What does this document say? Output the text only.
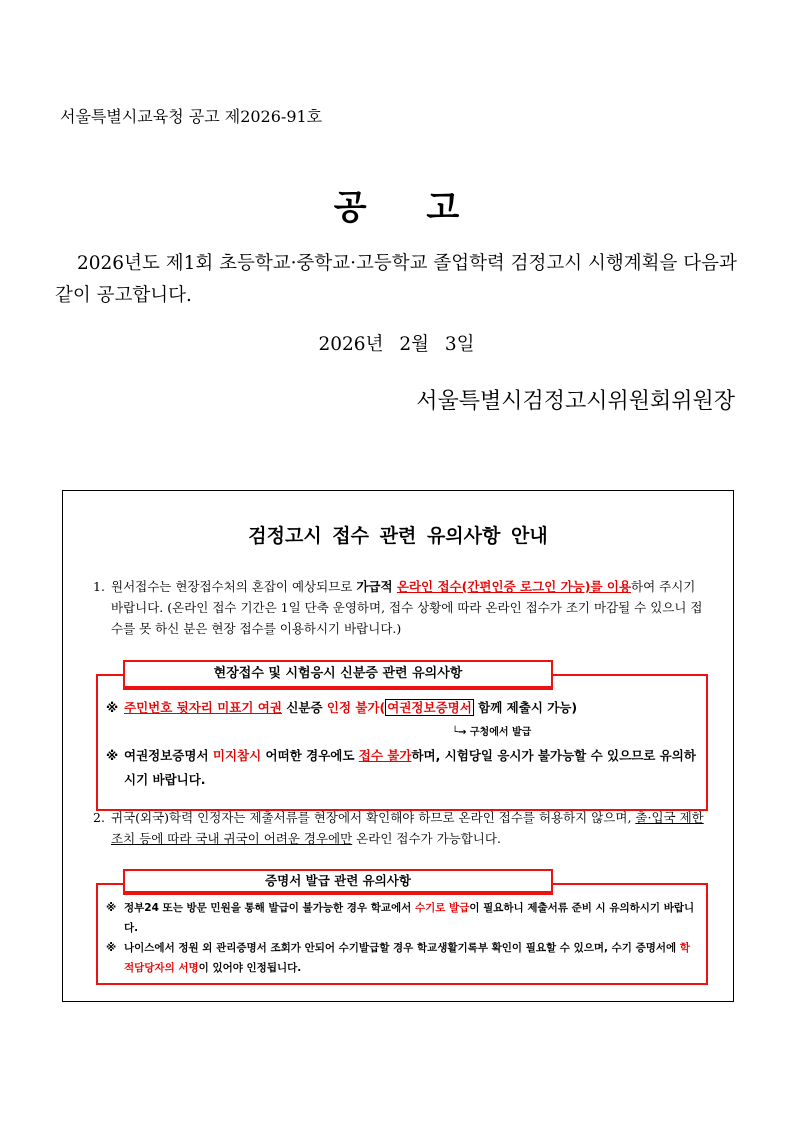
서울특별시교육청 공고 제2026-91호
공 고
2026년도 제1회 초등학교·중학교·고등학교 졸업학력 검정고시 시행계획을 다음과 같이 공고합니다.
2026년 2월 3일
서울특별시검정고시위원회위원장
검정고시 접수 관련 유의사항 안내
1. 원서접수는 현장접수처의 혼잡이 예상되므로 가급적 온라인 접수(간편인증 로그인 가능)를 이용하여 주시기 바랍니다. (온라인 접수 기간은 1일 단축 운영하며, 접수 상황에 따라 온라인 접수가 조기 마감될 수 있으니 접수를 못 하신 분은 현장 접수를 이용하시기 바랍니다.)
현장접수 및 시험응시 신분증 관련 유의사항
※ 주민번호 뒷자리 미표기 여권 신분증 인정 불가( 여권정보증명서 함께 제출시 가능)
└→ 구청에서 발급
※ 여권정보증명서 미지참시 어떠한 경우에도 접수 불가하며, 시험당일 응시가 불가능할 수 있으므로 유의하시기 바랍니다.
2. 귀국(외국)학력 인정자는 제출서류를 현장에서 확인해야 하므로 온라인 접수를 허용하지 않으며, 출·입국 제한 조치 등에 따라 국내 귀국이 어려운 경우에만 온라인 접수가 가능합니다.
증명서 발급 관련 유의사항
※ 정부24 또는 방문 민원을 통해 발급이 불가능한 경우 학교에서 수기로 발급이 필요하니 제출서류 준비 시 유의하시기 바랍니다.
※ 나이스에서 정원 외 관리증명서 조회가 안되어 수기발급할 경우 학교생활기록부 확인이 필요할 수 있으며, 수기 증명서에 학적담당자의 서명이 있어야 인정됩니다.
